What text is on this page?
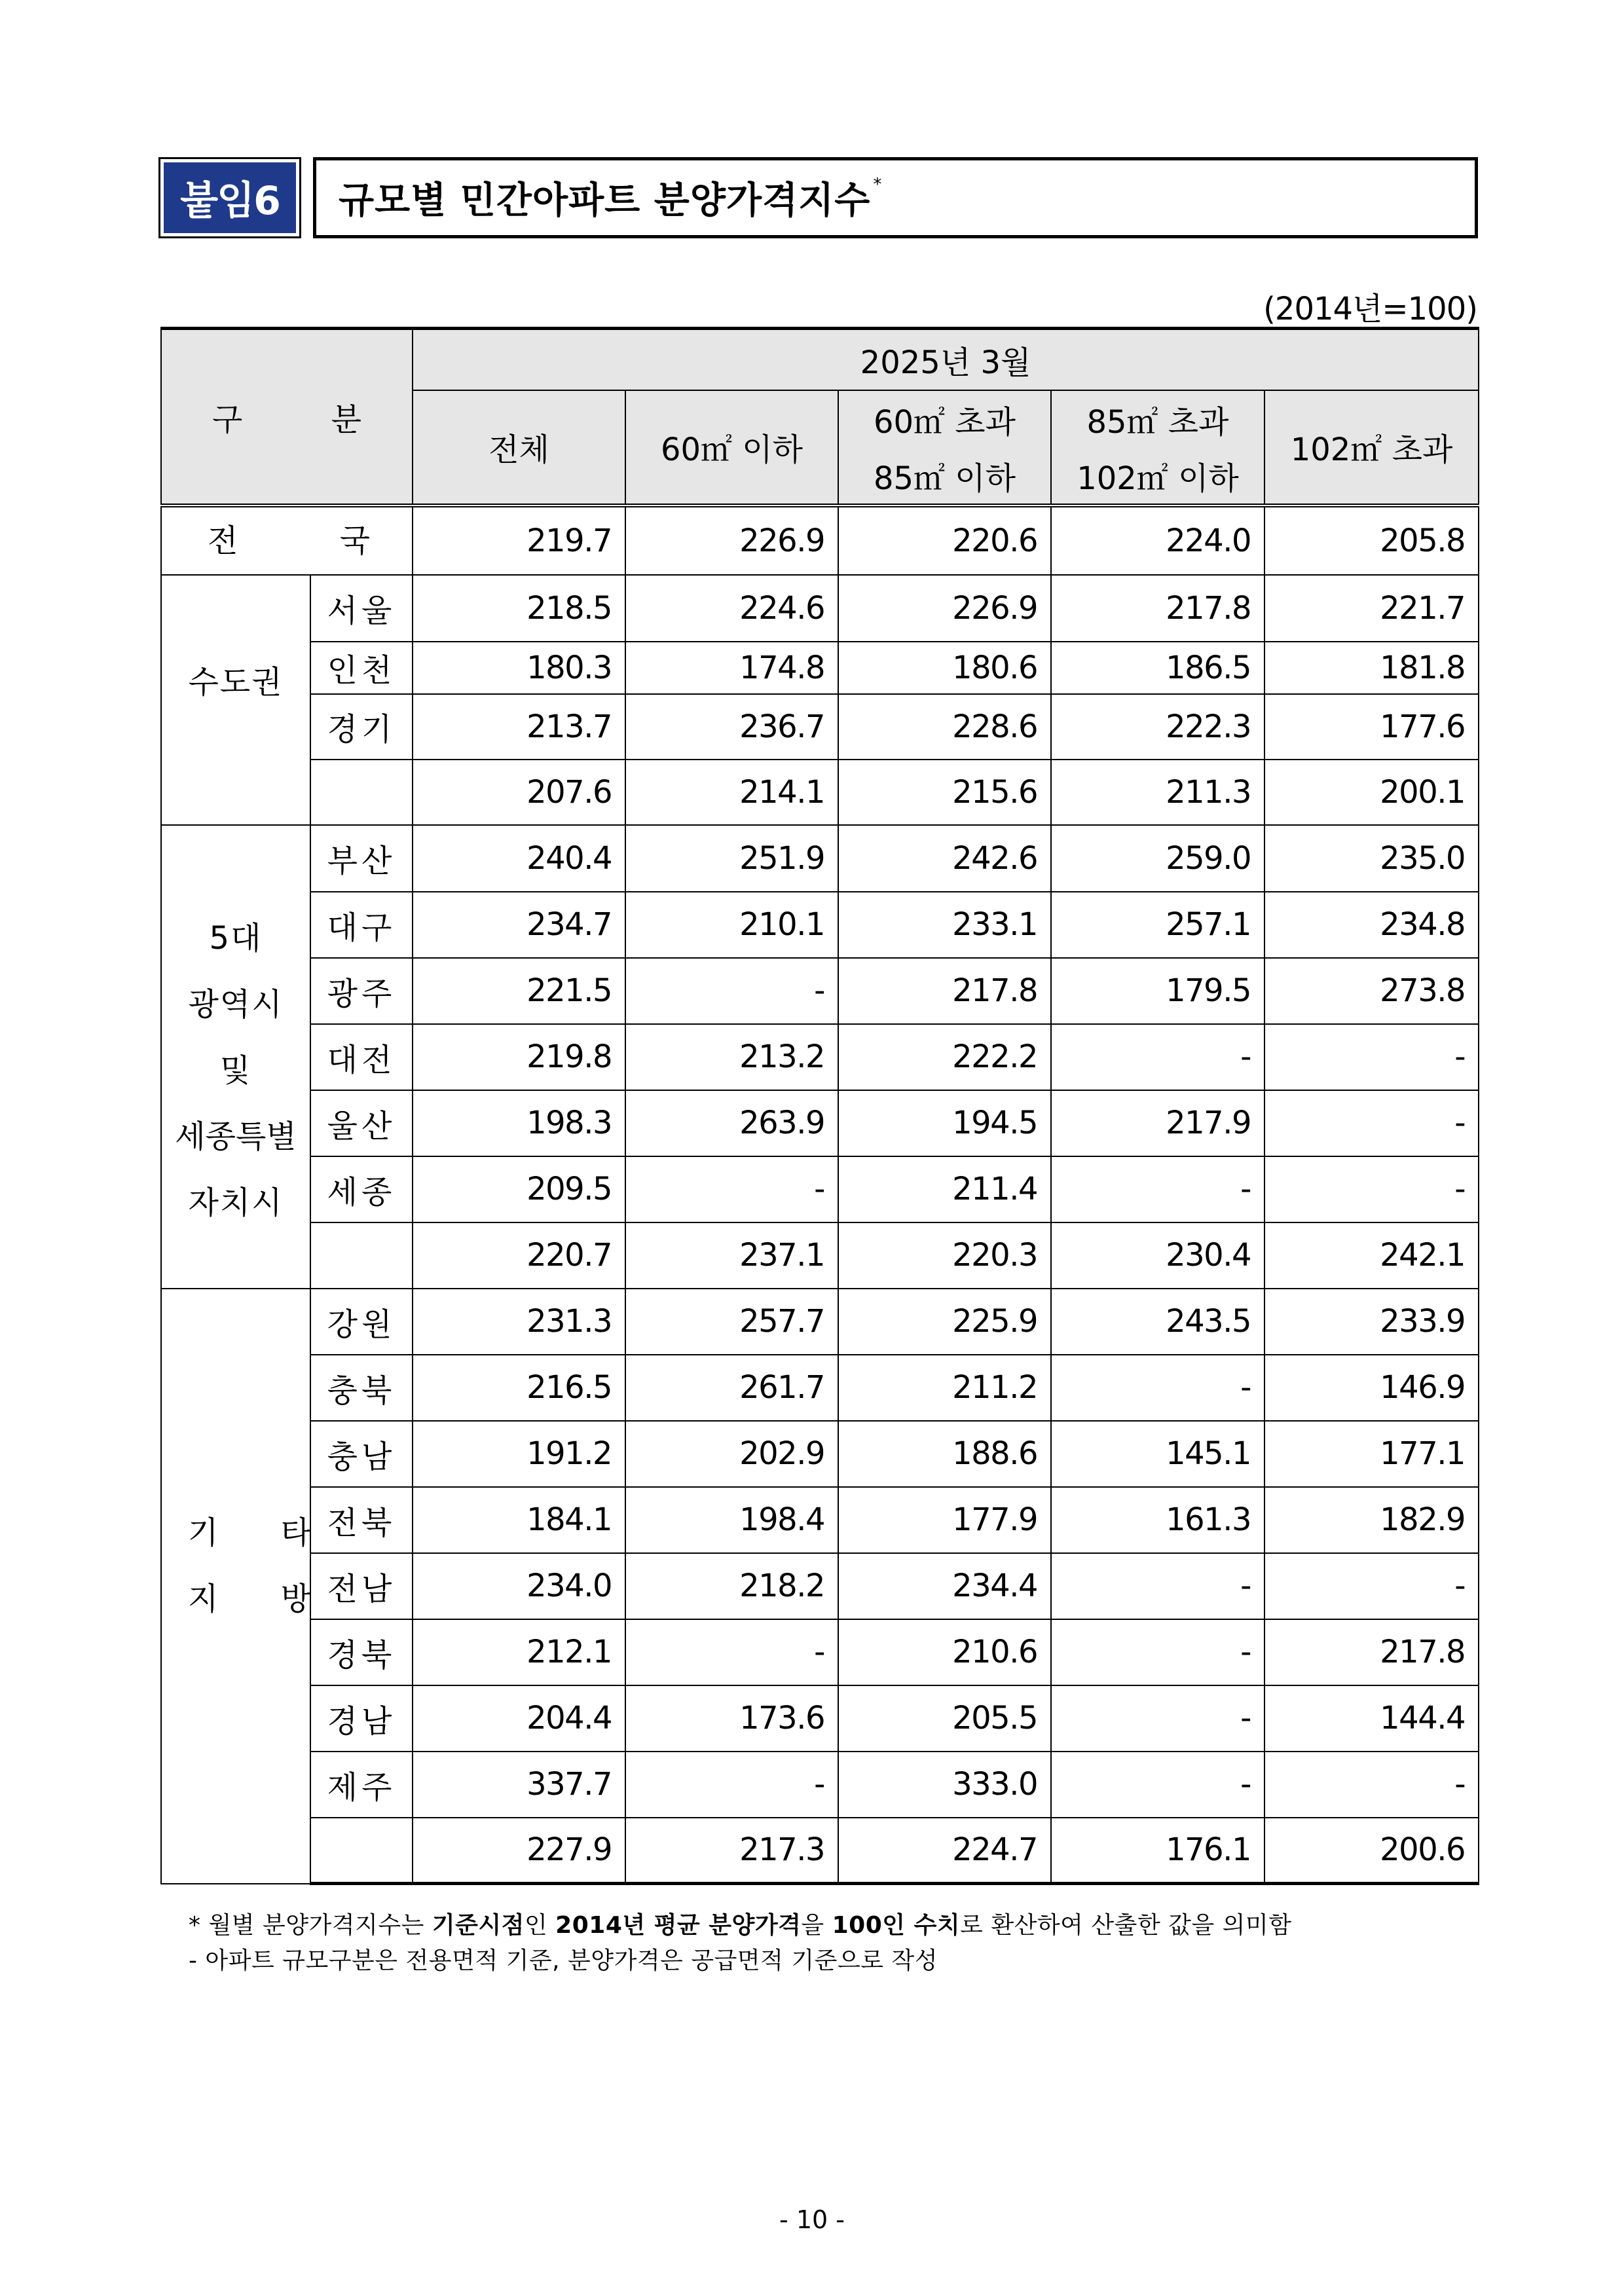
붙임6	규모별 민간아파트 분양가격지수*
(2014년=100)
구 분		2025년 3월				
		전체	60㎡ 이하	60㎡ 초과	85㎡ 초과	102㎡ 초과
				85㎡ 이하	102㎡ 이하	
전 국		219.7	226.9	220.6	224.0	205.8
수도권	서울	218.5	224.6	226.9	217.8	221.7
	인천	180.3	174.8	180.6	186.5	181.8
	경기	213.7	236.7	228.6	222.3	177.6
		207.6	214.1	215.6	211.3	200.1

5대
광역시
및
세종특별
자치시	부산	240.4	251.9	242.6	259.0	235.0
	대구	234.7	210.1	233.1	257.1	234.8
	광주	221.5	-	217.8	179.5	273.8
	대전	219.8	213.2	222.2	-	-
	울산	198.3	263.9	194.5	217.9	-
	세종	209.5	-	211.4	-	-
		220.7	237.1	220.3	230.4	242.1

기 타
지 방	강원	231.3	257.7	225.9	243.5	233.9
	충북	216.5	261.7	211.2	-	146.9
	충남	191.2	202.9	188.6	145.1	177.1
	전북	184.1	198.4	177.9	161.3	182.9
	전남	234.0	218.2	234.4	-	-
	경북	212.1	-	210.6	-	217.8
	경남	204.4	173.6	205.5	-	144.4
	제주	337.7	-	333.0	-	-
		227.9	217.3	224.7	176.1	200.6
* 월별 분양가격지수는 기준시점인 2014년 평균 분양가격을 100인 수치로 환산하여 산출한 값을 의미함
- 아파트 규모구분은 전용면적 기준, 분양가격은 공급면적 기준으로 작성
- 10 -
